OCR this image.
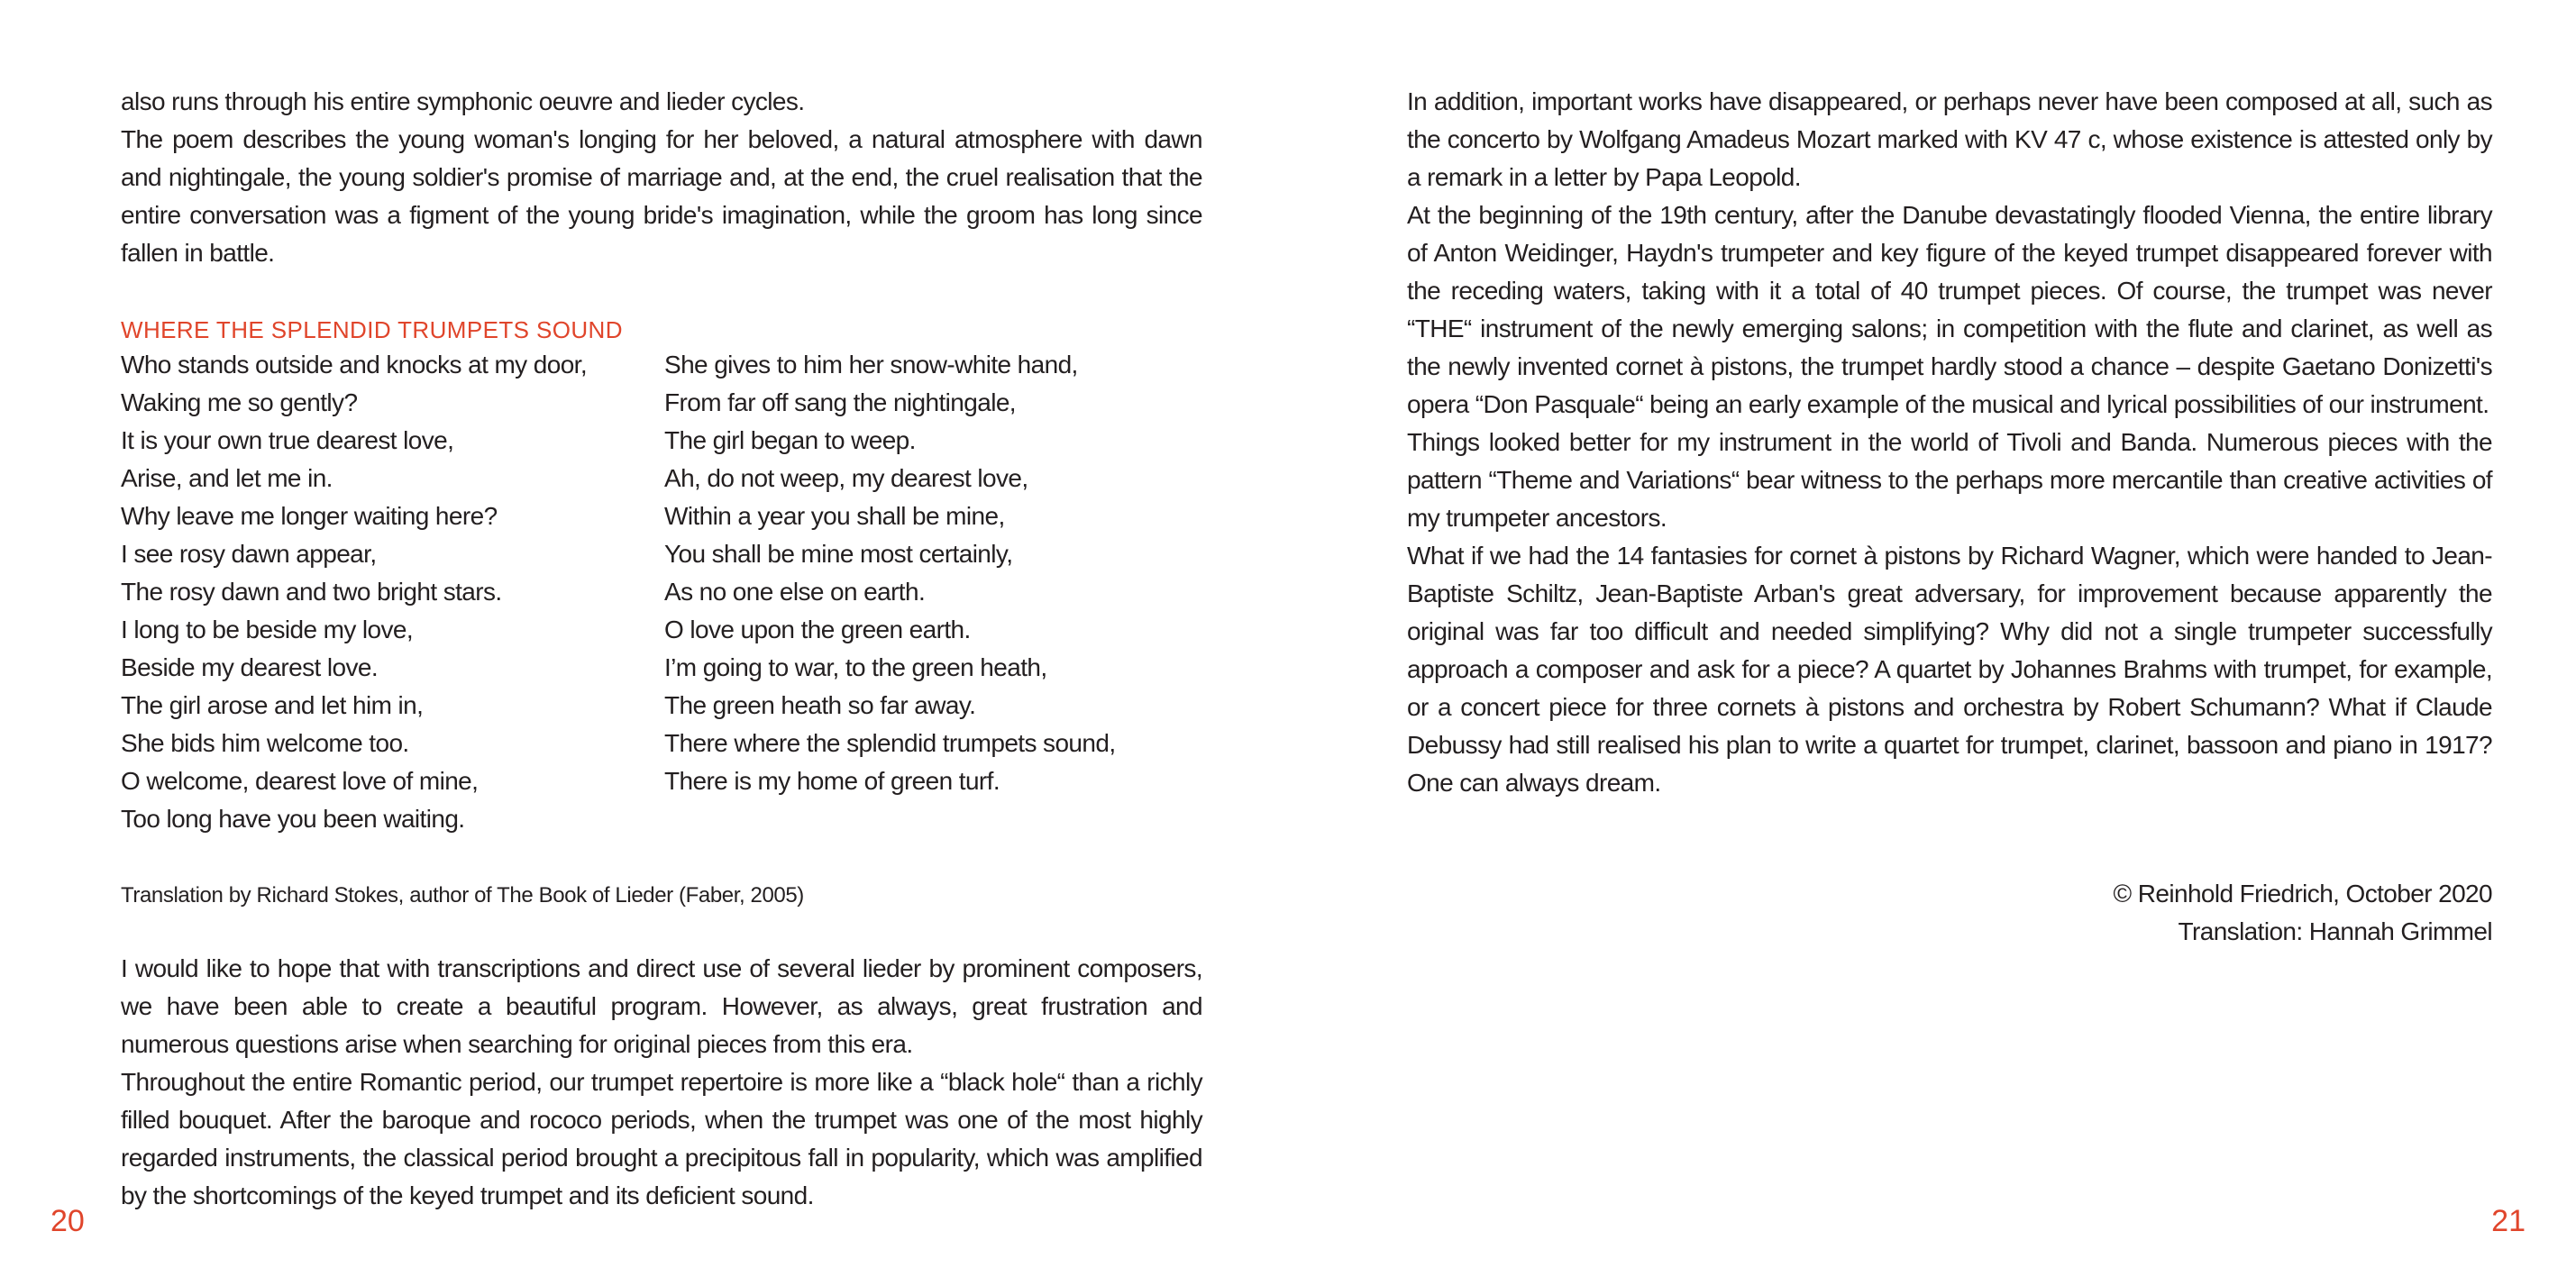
also runs through his entire symphonic oeuvre and lieder cycles.

The poem describes the young woman's longing for her beloved, a natural atmosphere with dawn and nightingale, the young soldier's promise of marriage and, at the end, the cruel realisation that the entire conversation was a figment of the young bride's imagination, while the groom has long since fallen in battle.

WHERE THE SPLENDID TRUMPETS SOUND
Who stands outside and knocks at my door,
Waking me so gently?
It is your own true dearest love,
Arise, and let me in.
Why leave me longer waiting here?
I see rosy dawn appear,
The rosy dawn and two bright stars.
I long to be beside my love,
Beside my dearest love.
The girl arose and let him in,
She bids him welcome too.
O welcome, dearest love of mine,
Too long have you been waiting.
She gives to him her snow-white hand,
From far off sang the nightingale,
The girl began to weep.
Ah, do not weep, my dearest love,
Within a year you shall be mine,
You shall be mine most certainly,
As no one else on earth.
O love upon the green earth.
I’m going to war, to the green heath,
The green heath so far away.
There where the splendid trumpets sound,
There is my home of green turf.
Translation by Richard Stokes, author of The Book of Lieder (Faber, 2005)

I would like to hope that with transcriptions and direct use of several lieder by prominent composers, we have been able to create a beautiful program. However, as always, great frustration and numerous questions arise when searching for original pieces from this era.

Throughout the entire Romantic period, our trumpet repertoire is more like a “black hole“ than a richly filled bouquet. After the baroque and rococo periods, when the trumpet was one of the most highly regarded instruments, the classical period brought a precipitous fall in popularity, which was amplified by the shortcomings of the keyed trumpet and its deficient sound.

20

In addition, important works have disappeared, or perhaps never have been composed at all, such as the concerto by Wolfgang Amadeus Mozart marked with KV 47 c, whose existence is attested only by a remark in a letter by Papa Leopold.

At the beginning of the 19th century, after the Danube devastatingly flooded Vienna, the entire library of Anton Weidinger, Haydn's trumpeter and key figure of the keyed trumpet disappeared forever with the receding waters, taking with it a total of 40 trumpet pieces. Of course, the trumpet was never “THE“ instrument of the newly emerging salons; in competition with the flute and clarinet, as well as the newly invented cornet à pistons, the trumpet hardly stood a chance – despite Gaetano Donizetti's opera “Don Pasquale“ being an early example of the musical and lyrical possibilities of our instrument.

Things looked better for my instrument in the world of Tivoli and Banda. Numerous pieces with the pattern “Theme and Variations“ bear witness to the perhaps more mercantile than creative activities of my trumpeter ancestors.

What if we had the 14 fantasies for cornet à pistons by Richard Wagner, which were handed to Jean-Baptiste Schiltz, Jean-Baptiste Arban's great adversary, for improvement because apparently the original was far too difficult and needed simplifying? Why did not a single trumpeter successfully approach a composer and ask for a piece? A quartet by Johannes Brahms with trumpet, for example, or a concert piece for three cornets à pistons and orchestra by Robert Schumann? What if Claude Debussy had still realised his plan to write a quartet for trumpet, clarinet, bassoon and piano in 1917? One can always dream.

© Reinhold Friedrich, October 2020
Translation: Hannah Grimmel
21
